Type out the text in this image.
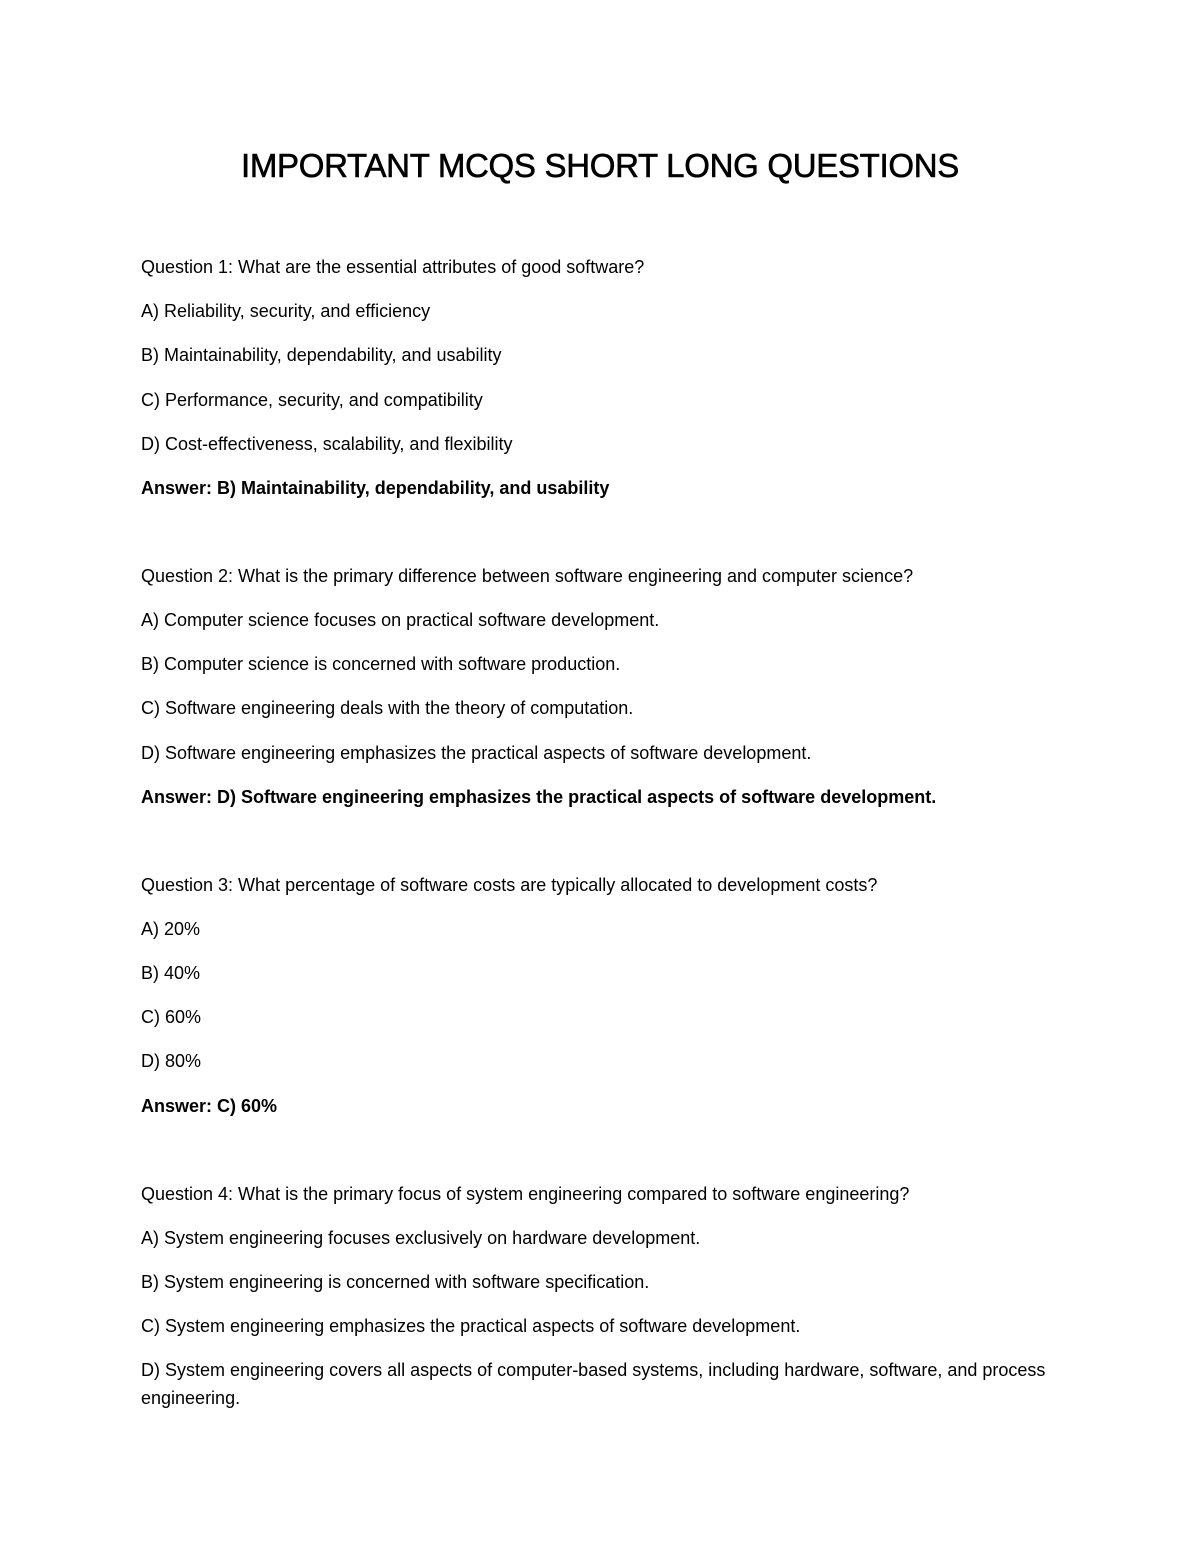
IMPORTANT MCQS SHORT LONG QUESTIONS

Question 1: What are the essential attributes of good software?

A) Reliability, security, and efficiency

B) Maintainability, dependability, and usability

C) Performance, security, and compatibility

D) Cost-effectiveness, scalability, and flexibility

Answer: B) Maintainability, dependability, and usability

Question 2: What is the primary difference between software engineering and computer science?

A) Computer science focuses on practical software development.

B) Computer science is concerned with software production.

C) Software engineering deals with the theory of computation.

D) Software engineering emphasizes the practical aspects of software development.

Answer: D) Software engineering emphasizes the practical aspects of software development.

Question 3: What percentage of software costs are typically allocated to development costs?

A) 20%

B) 40%

C) 60%

D) 80%

Answer: C) 60%

Question 4: What is the primary focus of system engineering compared to software engineering?

A) System engineering focuses exclusively on hardware development.

B) System engineering is concerned with software specification.

C) System engineering emphasizes the practical aspects of software development.

D) System engineering covers all aspects of computer-based systems, including hardware, software, and process engineering.
